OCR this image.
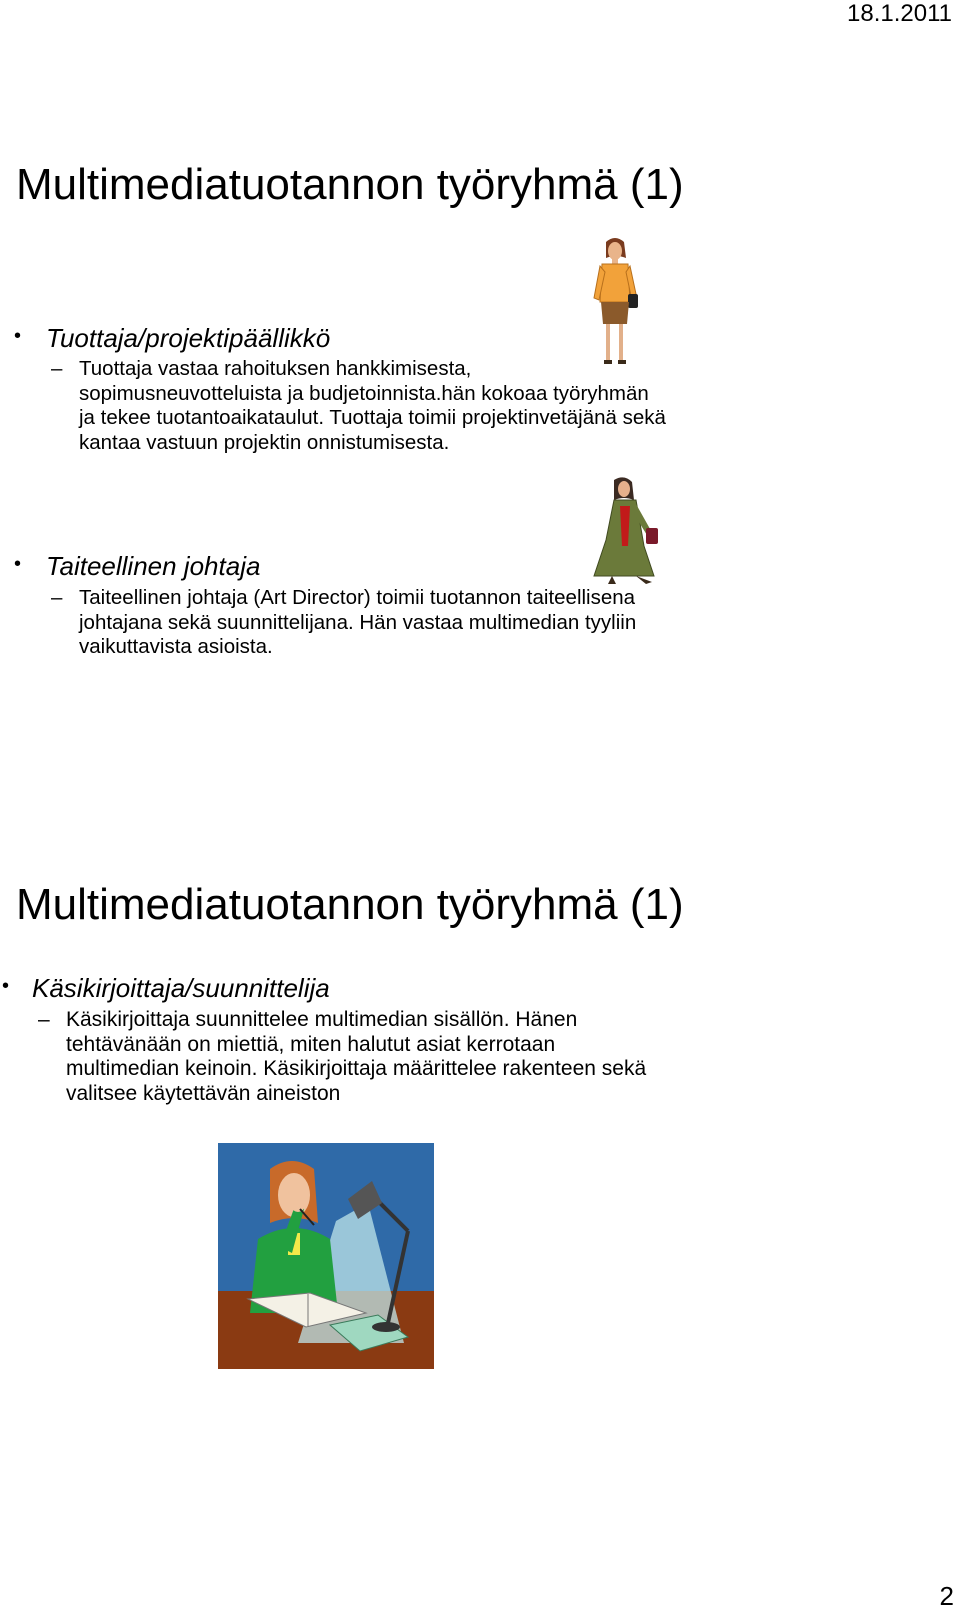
18.1.2011
Multimediatuotannon työryhmä (1)
• Tuottaja/projektipäällikkö
– Tuottaja vastaa rahoituksen hankkimisesta,
sopimusneuvotteluista ja budjetoinnista.hän kokoaa työryhmän
ja tekee tuotantoaikataulut. Tuottaja toimii projektinvetäjänä sekä
kantaa vastuun projektin onnistumisesta.
• Taiteellinen johtaja
– Taiteellinen johtaja (Art Director) toimii tuotannon taiteellisena
johtajana sekä suunnittelijana. Hän vastaa multimedian tyyliin
vaikuttavista asioista.
Multimediatuotannon työryhmä (1)
• Käsikirjoittaja/suunnittelija
– Käsikirjoittaja suunnittelee multimedian sisällön. Hänen
tehtävänään on miettiä, miten halutut asiat kerrotaan
multimedian keinoin. Käsikirjoittaja määrittelee rakenteen sekä
valitsee käytettävän aineiston
2
